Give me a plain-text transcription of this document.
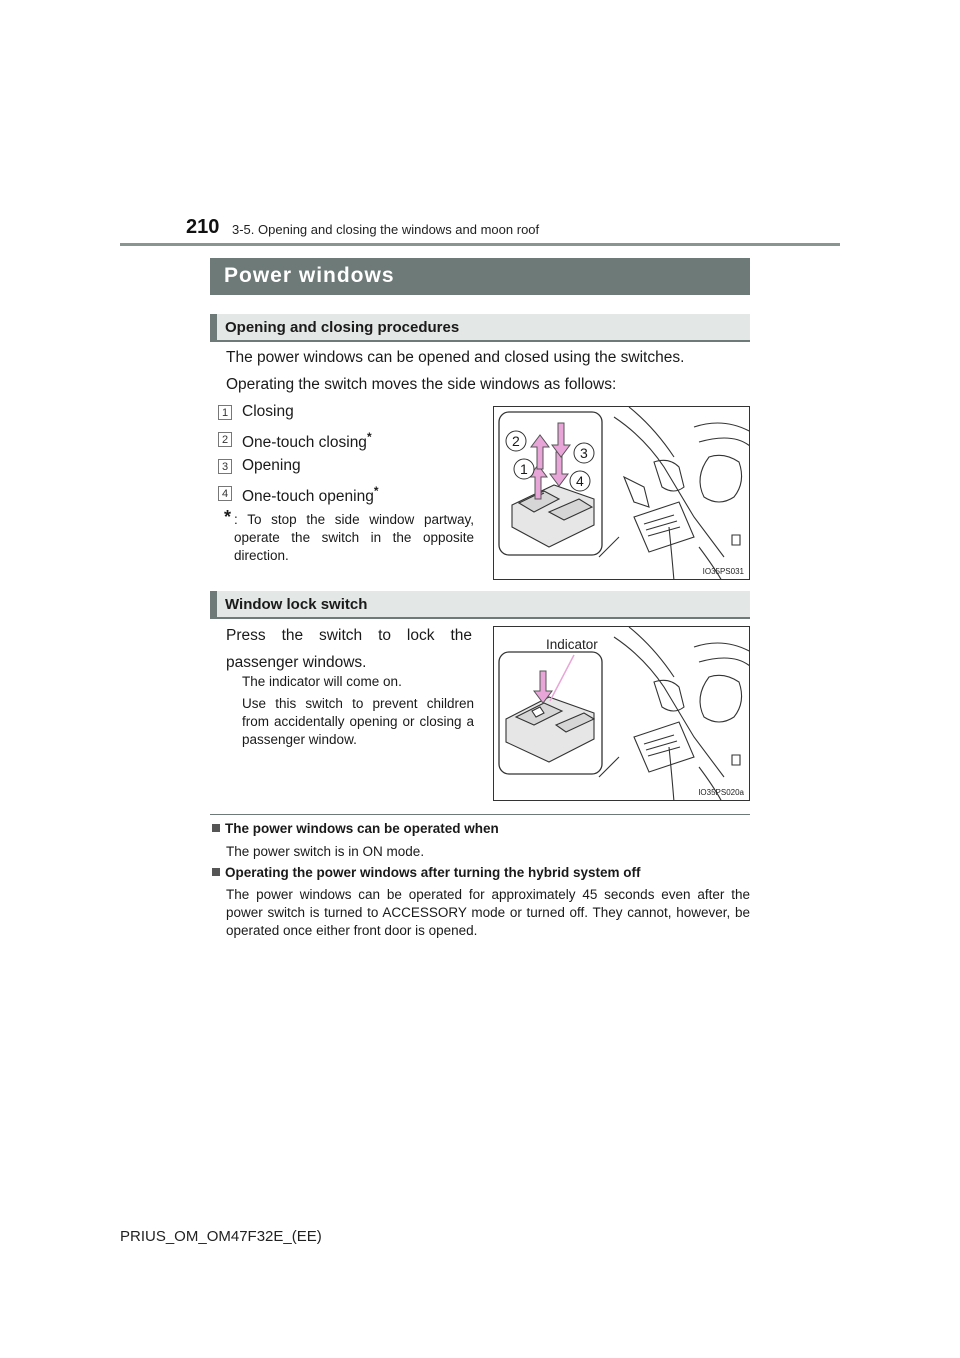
210 3-5. Opening and closing the windows and moon roof
Power windows
Opening and closing procedures
The power windows can be opened and closed using the switches.
Operating the switch moves the side windows as follows:
1 Closing
2 One-touch closing*
3 Opening
4 One-touch opening*
* : To stop the side window partway, operate the switch in the opposite direction.
2
3
1
4
IO35PS031
Window lock switch
Press the switch to lock the passenger windows.
The indicator will come on.
Use this switch to prevent children from accidentally opening or closing a passenger window.
Indicator
IO35PS020a
The power windows can be operated when
The power switch is in ON mode.
Operating the power windows after turning the hybrid system off
The power windows can be operated for approximately 45 seconds even after the power switch is turned to ACCESSORY mode or turned off. They cannot, however, be operated once either front door is opened.
PRIUS_OM_OM47F32E_(EE)
